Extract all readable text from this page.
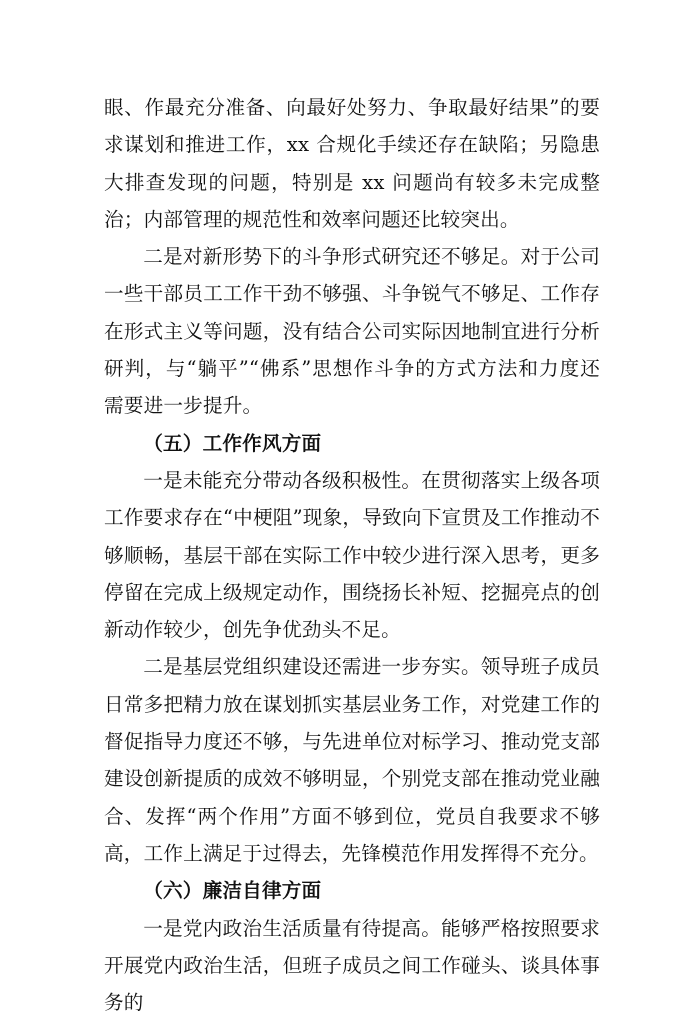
眼、作最充分准备、向最好处努力、争取最好结果”的要求谋划和推进工作，xx 合规化手续还存在缺陷；另隐患大排查发现的问题，特别是 xx 问题尚有较多未完成整治；内部管理的规范性和效率问题还比较突出。

二是对新形势下的斗争形式研究还不够足。对于公司一些干部员工工作干劲不够强、斗争锐气不够足、工作存在形式主义等问题，没有结合公司实际因地制宜进行分析研判，与“躺平”“佛系”思想作斗争的方式方法和力度还需要进一步提升。

（五）工作作风方面

一是未能充分带动各级积极性。在贯彻落实上级各项工作要求存在“中梗阻”现象，导致向下宣贯及工作推动不够顺畅，基层干部在实际工作中较少进行深入思考，更多停留在完成上级规定动作，围绕扬长补短、挖掘亮点的创新动作较少，创先争优劲头不足。

二是基层党组织建设还需进一步夯实。领导班子成员日常多把精力放在谋划抓实基层业务工作，对党建工作的督促指导力度还不够，与先进单位对标学习、推动党支部建设创新提质的成效不够明显，个别党支部在推动党业融合、发挥“两个作用”方面不够到位，党员自我要求不够高，工作上满足于过得去，先锋模范作用发挥得不充分。

（六）廉洁自律方面

一是党内政治生活质量有待提高。能够严格按照要求开展党内政治生活，但班子成员之间工作碰头、谈具体事务的
